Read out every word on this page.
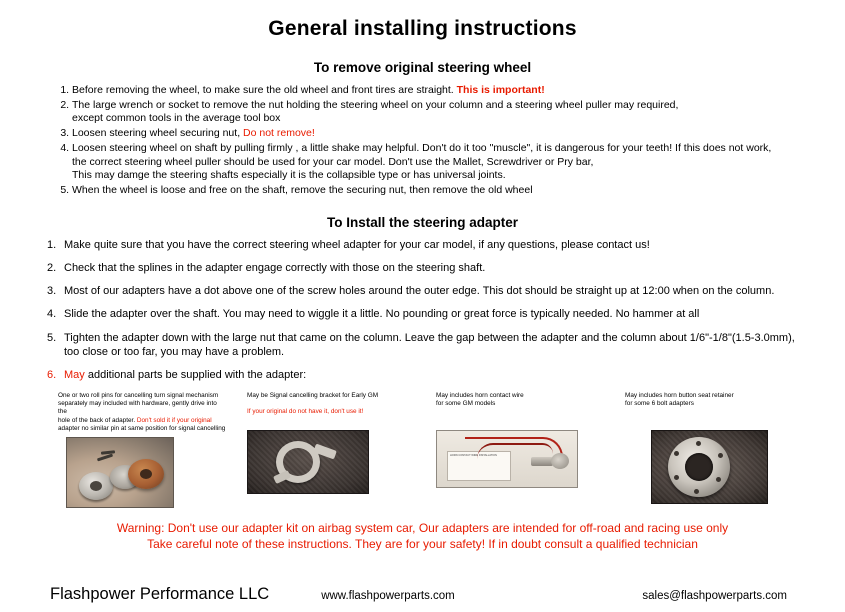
General installing instructions
To remove original steering wheel
1. Before removing the wheel, to make sure the old wheel and front tires are straight. This is important!
2. The large wrench or socket to remove the nut holding the steering wheel on your column and a steering wheel puller may required,
except common tools in the average tool box
3. Loosen steering wheel securing nut, Do not remove!
4. Loosen steering wheel on shaft by pulling firmly , a little shake may helpful. Don't do it too "muscle", it is dangerous for your teeth! If this does not work,
the correct steering wheel puller should be used for your car model. Don't use the Mallet, Screwdriver or Pry bar,
This may damge the steering shafts especially it is the collapsible type or has universal joints.
5. When the wheel is loose and free on the shaft, remove the securing nut, then remove the old wheel
To Install the steering adapter
1. Make quite sure that you have the correct steering wheel adapter for your car model, if any questions, please contact us!
2. Check that the splines in the adapter engage correctly with those on the steering shaft.
3. Most of our adapters have a dot above one of the screw holes around the outer edge. This dot should be straight up at 12:00 when on the column.
4. Slide the adapter over the shaft. You may need to wiggle it a little. No pounding or great force is typically needed. No hammer at all
5. Tighten the adapter down with the large nut that came on the column. Leave the gap between the adapter and the column about 1/6"-1/8"(1.5-3.0mm),
too close or too far, you may have a problem.
6. May additional parts be supplied with the adapter:
One or two roll pins for cancelling turn signal mechanism
separately may included with hardware, gently drive into the
hole of the back of adapter. Don't sold it if your original
adapter no similar pin at same position for signal cancelling
May be Signal cancelling bracket for Early GM

If your original do not have it, don't use it!
May includes horn contact wire
for some GM models
HORN CONTACT WIRE INSTALLATION
May includes horn button seat retainer
for some 6 bolt adapters
Warning: Don't use our adapter kit on airbag system car, Our adapters are intended for off-road and racing use only
Take careful note of these instructions. They are for your safety! If in doubt consult a qualified technician
Flashpower Performance LLC	www.flashpowerparts.com	sales@flashpowerparts.com
